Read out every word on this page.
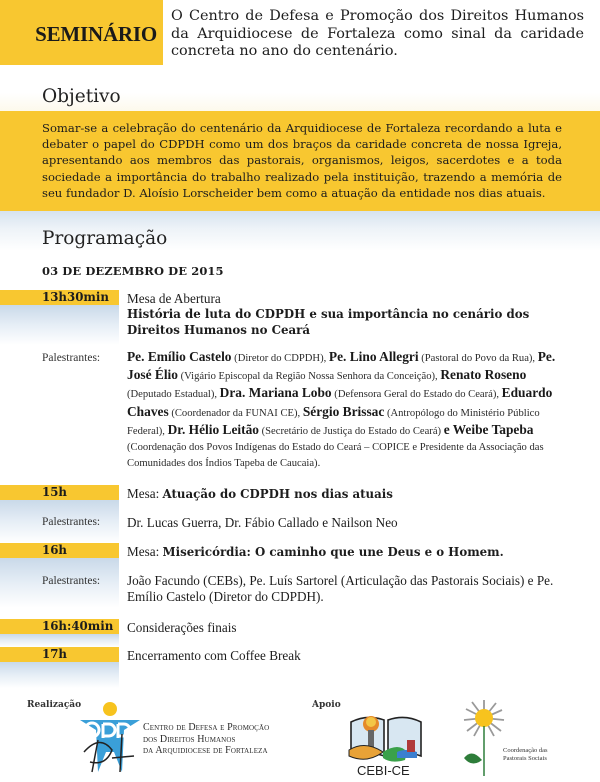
SEMINÁRIO
O Centro de Defesa e Promoção dos Direitos Humanos da Arquidiocese de Fortaleza como sinal da caridade concreta no ano do centenário.
Objetivo
Somar-se a celebração do centenário da Arquidiocese de Fortaleza recordando a luta e debater o papel do CDPDH como um dos braços da caridade concreta de nossa Igreja, apresentando aos membros das pastorais, organismos, leigos, sacerdotes e a toda sociedade a importância do trabalho realizado pela instituição, trazendo a memória de seu fundador D. Aloísio Lorscheider bem como a atuação da entidade nos dias atuais.
Programação
03 DE DEZEMBRO DE 2015
13h30min Mesa de Abertura
História de luta do CDPDH e sua importância no cenário dos Direitos Humanos no Ceará
Palestrantes: Pe. Emílio Castelo (Diretor do CDPDH), Pe. Lino Allegri (Pastoral do Povo da Rua), Pe. José Élio (Vigário Episcopal da Região Nossa Senhora da Conceição), Renato Roseno (Deputado Estadual), Dra. Mariana Lobo (Defensora Geral do Estado do Ceará), Eduardo Chaves (Coordenador da FUNAI CE), Sérgio Brissac (Antropólogo do Ministério Público Federal), Dr. Hélio Leitão (Secretário de Justiça do Estado do Ceará) e Weibe Tapeba (Coordenação dos Povos Indígenas do Estado do Ceará – COPICE e Presidente da Associação das Comunidades dos Índios Tapeba de Caucaia).
15h	Mesa: Atuação do CDPDH nos dias atuais
Palestrantes: Dr. Lucas Guerra, Dr. Fábio Callado e Nailson Neo
16h	Mesa: Misericórdia: O caminho que une Deus e o Homem.
Palestrantes: João Facundo (CEBs), Pe. Luís Sartorel (Articulação das Pastorais Sociais) e Pe. Emílio Castelo (Diretor do CDPDH).
16h:40min Considerações finais
17h	Encerramento com Coffee Break
Realização	Apoio
Centro de Defesa e Promoção
dos Direitos Humanos
da Arquidiocese de Fortaleza
CEBI-CE
Coordenação das
Pastorais Sociais
